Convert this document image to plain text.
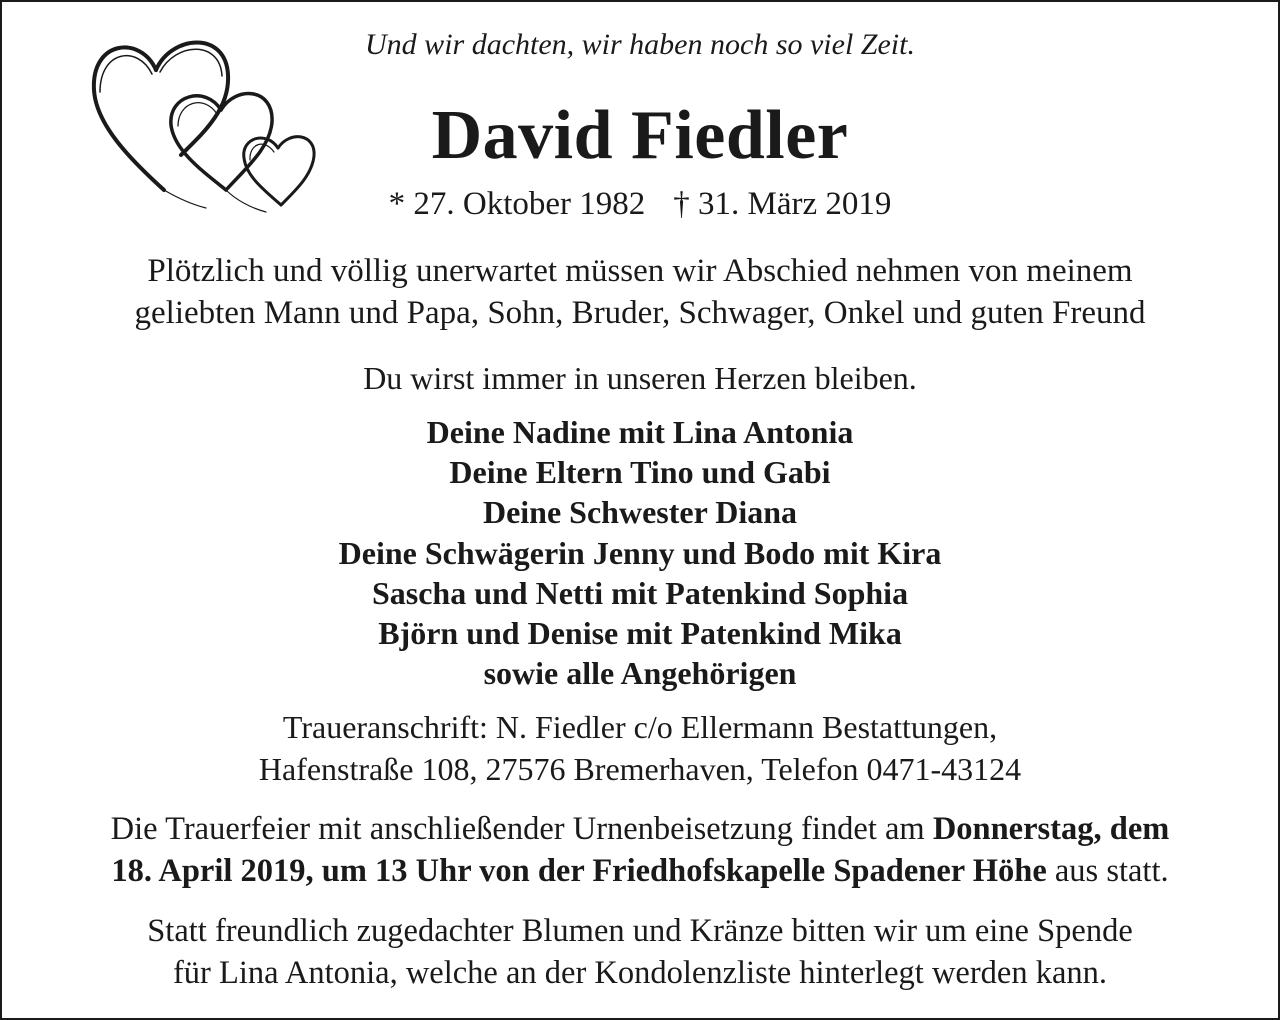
Und wir dachten, wir haben noch so viel Zeit.
David Fiedler
* 27. Oktober 1982 † 31. März 2019
Plötzlich und völlig unerwartet müssen wir Abschied nehmen von meinem
geliebten Mann und Papa, Sohn, Bruder, Schwager, Onkel und guten Freund
Du wirst immer in unseren Herzen bleiben.
Deine Nadine mit Lina Antonia
Deine Eltern Tino und Gabi
Deine Schwester Diana
Deine Schwägerin Jenny und Bodo mit Kira
Sascha und Netti mit Patenkind Sophia
Björn und Denise mit Patenkind Mika
sowie alle Angehörigen
Traueranschrift: N. Fiedler c/o Ellermann Bestattungen,
Hafenstraße 108, 27576 Bremerhaven, Telefon 0471-43124
Die Trauerfeier mit anschließender Urnenbeisetzung findet am Donnerstag, dem
18. April 2019, um 13 Uhr von der Friedhofskapelle Spadener Höhe aus statt.
Statt freundlich zugedachter Blumen und Kränze bitten wir um eine Spende
für Lina Antonia, welche an der Kondolenzliste hinterlegt werden kann.
